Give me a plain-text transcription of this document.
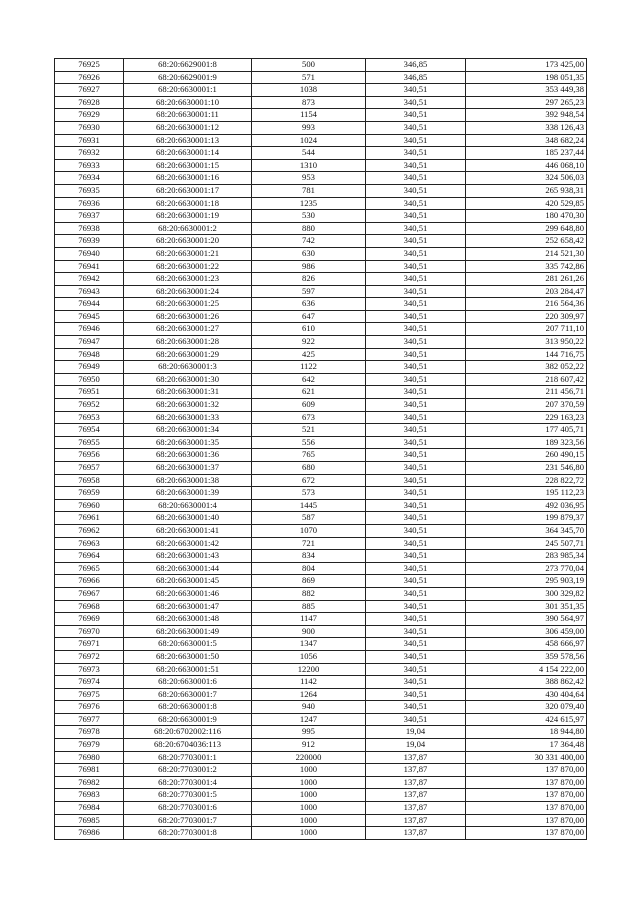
76925	68:20:6629001:8	500	346,85	173 425,00
76926	68:20:6629001:9	571	346,85	198 051,35
76927	68:20:6630001:1	1038	340,51	353 449,38
76928	68:20:6630001:10	873	340,51	297 265,23
76929	68:20:6630001:11	1154	340,51	392 948,54
76930	68:20:6630001:12	993	340,51	338 126,43
76931	68:20:6630001:13	1024	340,51	348 682,24
76932	68:20:6630001:14	544	340,51	185 237,44
76933	68:20:6630001:15	1310	340,51	446 068,10
76934	68:20:6630001:16	953	340,51	324 506,03
76935	68:20:6630001:17	781	340,51	265 938,31
76936	68:20:6630001:18	1235	340,51	420 529,85
76937	68:20:6630001:19	530	340,51	180 470,30
76938	68:20:6630001:2	880	340,51	299 648,80
76939	68:20:6630001:20	742	340,51	252 658,42
76940	68:20:6630001:21	630	340,51	214 521,30
76941	68:20:6630001:22	986	340,51	335 742,86
76942	68:20:6630001:23	826	340,51	281 261,26
76943	68:20:6630001:24	597	340,51	203 284,47
76944	68:20:6630001:25	636	340,51	216 564,36
76945	68:20:6630001:26	647	340,51	220 309,97
76946	68:20:6630001:27	610	340,51	207 711,10
76947	68:20:6630001:28	922	340,51	313 950,22
76948	68:20:6630001:29	425	340,51	144 716,75
76949	68:20:6630001:3	1122	340,51	382 052,22
76950	68:20:6630001:30	642	340,51	218 607,42
76951	68:20:6630001:31	621	340,51	211 456,71
76952	68:20:6630001:32	609	340,51	207 370,59
76953	68:20:6630001:33	673	340,51	229 163,23
76954	68:20:6630001:34	521	340,51	177 405,71
76955	68:20:6630001:35	556	340,51	189 323,56
76956	68:20:6630001:36	765	340,51	260 490,15
76957	68:20:6630001:37	680	340,51	231 546,80
76958	68:20:6630001:38	672	340,51	228 822,72
76959	68:20:6630001:39	573	340,51	195 112,23
76960	68:20:6630001:4	1445	340,51	492 036,95
76961	68:20:6630001:40	587	340,51	199 879,37
76962	68:20:6630001:41	1070	340,51	364 345,70
76963	68:20:6630001:42	721	340,51	245 507,71
76964	68:20:6630001:43	834	340,51	283 985,34
76965	68:20:6630001:44	804	340,51	273 770,04
76966	68:20:6630001:45	869	340,51	295 903,19
76967	68:20:6630001:46	882	340,51	300 329,82
76968	68:20:6630001:47	885	340,51	301 351,35
76969	68:20:6630001:48	1147	340,51	390 564,97
76970	68:20:6630001:49	900	340,51	306 459,00
76971	68:20:6630001:5	1347	340,51	458 666,97
76972	68:20:6630001:50	1056	340,51	359 578,56
76973	68:20:6630001:51	12200	340,51	4 154 222,00
76974	68:20:6630001:6	1142	340,51	388 862,42
76975	68:20:6630001:7	1264	340,51	430 404,64
76976	68:20:6630001:8	940	340,51	320 079,40
76977	68:20:6630001:9	1247	340,51	424 615,97
76978	68:20:6702002:116	995	19,04	18 944,80
76979	68:20:6704036:113	912	19,04	17 364,48
76980	68:20:7703001:1	220000	137,87	30 331 400,00
76981	68:20:7703001:2	1000	137,87	137 870,00
76982	68:20:7703001:4	1000	137,87	137 870,00
76983	68:20:7703001:5	1000	137,87	137 870,00
76984	68:20:7703001:6	1000	137,87	137 870,00
76985	68:20:7703001:7	1000	137,87	137 870,00
76986	68:20:7703001:8	1000	137,87	137 870,00
